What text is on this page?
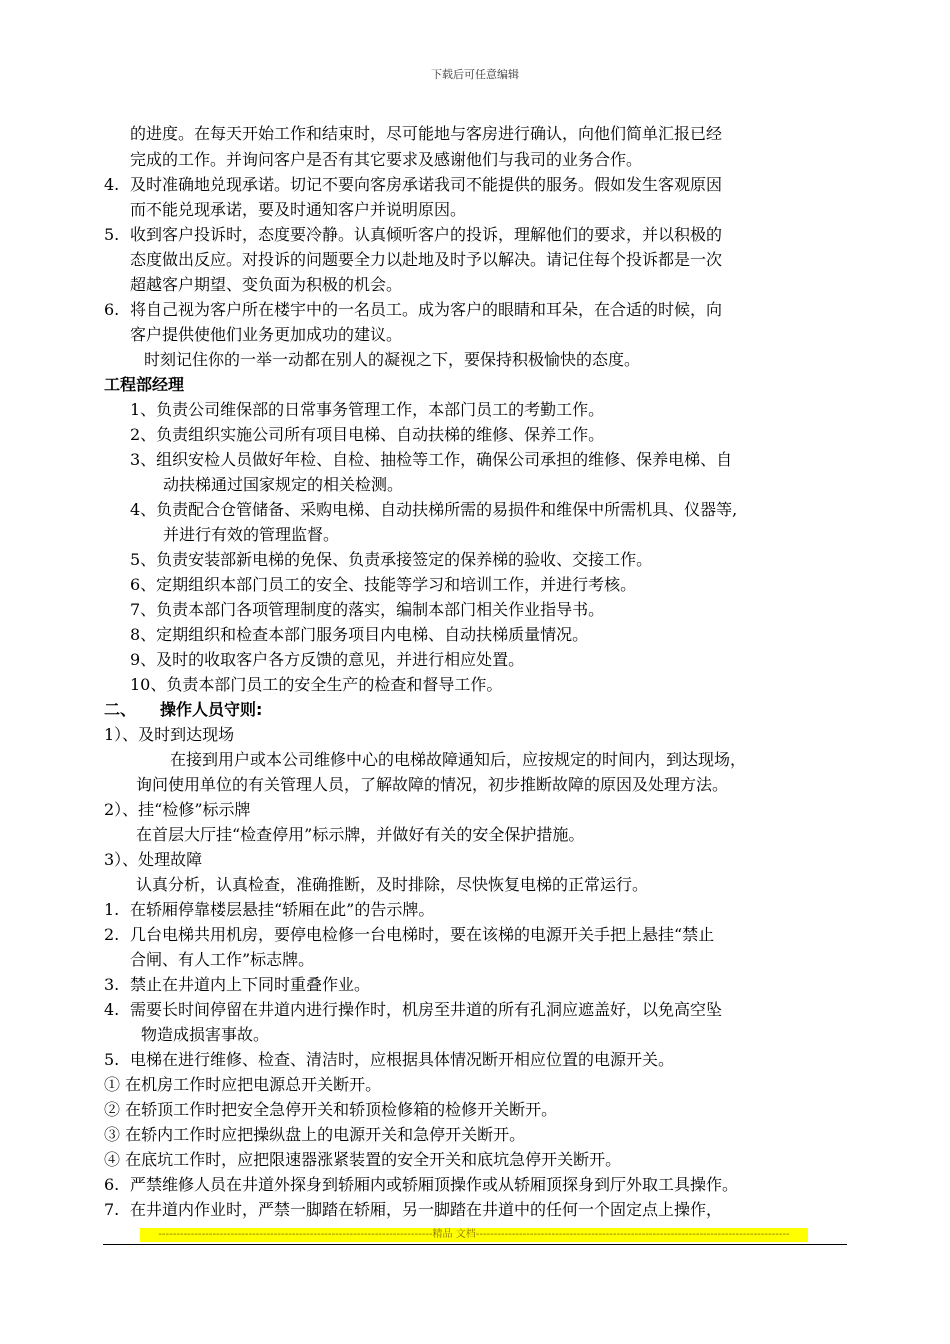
下载后可任意编辑
的进度。在每天开始工作和结束时，尽可能地与客房进行确认，向他们简单汇报已经
完成的工作。并询问客户是否有其它要求及感谢他们与我司的业务合作。
4. 及时准确地兑现承诺。切记不要向客房承诺我司不能提供的服务。假如发生客观原因
而不能兑现承诺，要及时通知客户并说明原因。
5. 收到客户投诉时，态度要冷静。认真倾听客户的投诉，理解他们的要求，并以积极的
态度做出反应。对投诉的问题要全力以赴地及时予以解决。请记住每个投诉都是一次
超越客户期望、变负面为积极的机会。
6. 将自己视为客户所在楼宇中的一名员工。成为客户的眼睛和耳朵，在合适的时候，向
客户提供使他们业务更加成功的建议。
时刻记住你的一举一动都在别人的凝视之下，要保持积极愉快的态度。
工程部经理
1、负责公司维保部的日常事务管理工作，本部门员工的考勤工作。
2、负责组织实施公司所有项目电梯、自动扶梯的维修、保养工作。
3、组织安检人员做好年检、自检、抽检等工作，确保公司承担的维修、保养电梯、自
动扶梯通过国家规定的相关检测。
4、负责配合仓管储备、采购电梯、自动扶梯所需的易损件和维保中所需机具、仪器等,
并进行有效的管理监督。
5、负责安装部新电梯的免保、负责承接签定的保养梯的验收、交接工作。
6、定期组织本部门员工的安全、技能等学习和培训工作，并进行考核。
7、负责本部门各项管理制度的落实，编制本部门相关作业指导书。
8、定期组织和检查本部门服务项目内电梯、自动扶梯质量情况。
9、及时的收取客户各方反馈的意见，并进行相应处置。
10、负责本部门员工的安全生产的检查和督导工作。
二、 操作人员守则:
1）、及时到达现场
在接到用户或本公司维修中心的电梯故障通知后，应按规定的时间内，到达现场，
询问使用单位的有关管理人员，了解故障的情况，初步推断故障的原因及处理方法。
2）、挂“检修”标示牌
在首层大厅挂“检查停用”标示牌，并做好有关的安全保护措施。
3）、处理故障
认真分析，认真检查，准确推断，及时排除，尽快恢复电梯的正常运行。
1. 在轿厢停靠楼层悬挂“轿厢在此”的告示牌。
2. 几台电梯共用机房，要停电检修一台电梯时，要在该梯的电源开关手把上悬挂“禁止
合闸、有人工作”标志牌。
3. 禁止在井道内上下同时重叠作业。
4. 需要长时间停留在井道内进行操作时，机房至井道的所有孔洞应遮盖好，以免高空坠
物造成损害事故。
5. 电梯在进行维修、检查、清洁时，应根据具体情况断开相应位置的电源开关。
① 在机房工作时应把电源总开关断开。
② 在轿顶工作时把安全急停开关和轿顶检修箱的检修开关断开。
③ 在轿内工作时应把操纵盘上的电源开关和急停开关断开。
④ 在底坑工作时，应把限速器涨紧装置的安全开关和底坑急停开关断开。
6. 严禁维修人员在井道外探身到轿厢内或轿厢顶操作或从轿厢顶探身到厅外取工具操作。
7. 在井道内作业时，严禁一脚踏在轿厢，另一脚踏在井道中的任何一个固定点上操作，
----------------------------------------------------------------------------精品 文档---------------------------------------------------------------------------------------
